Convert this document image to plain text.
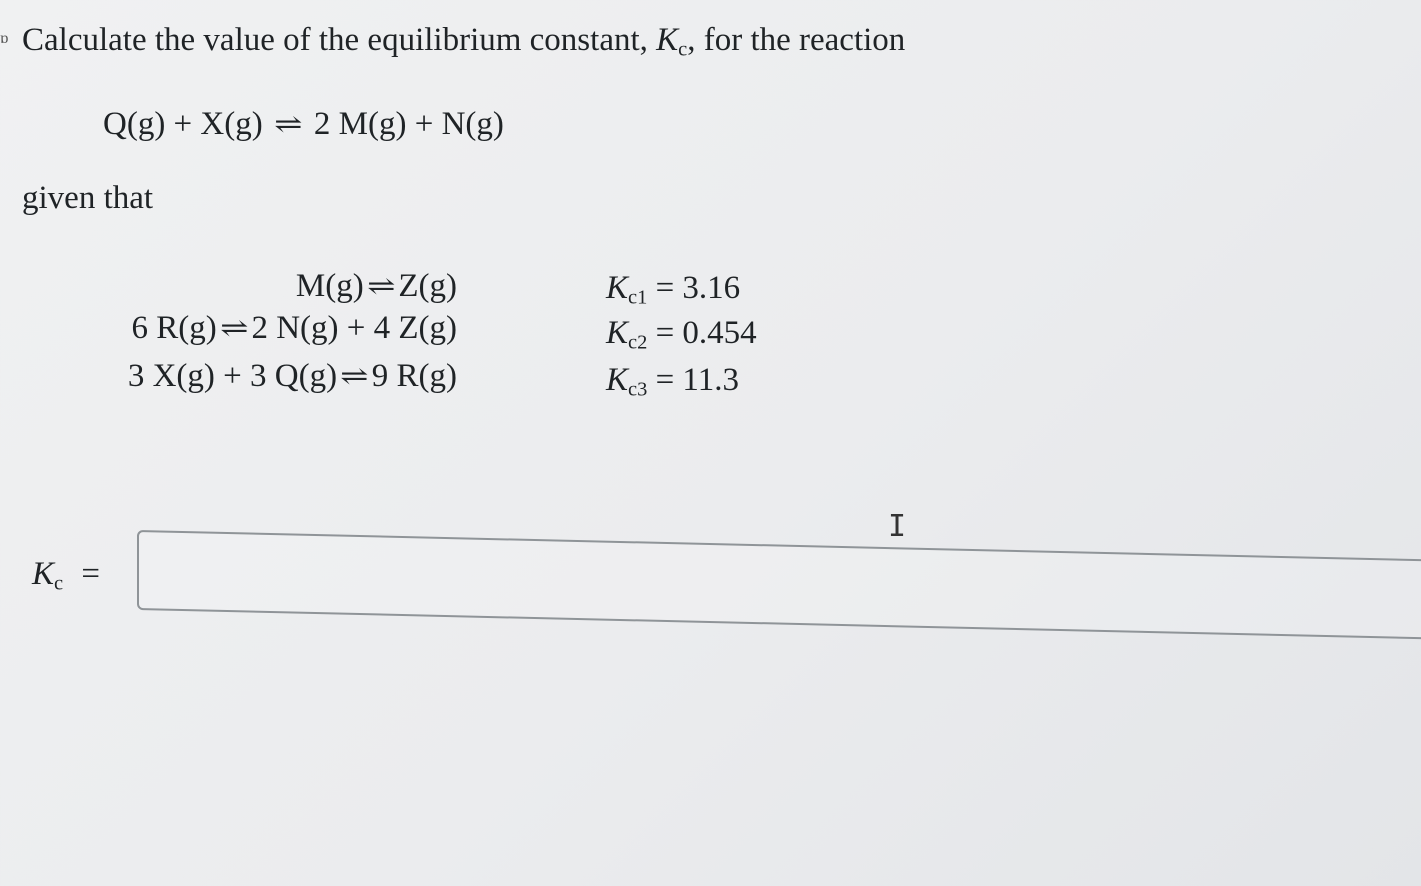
ɒ Calculate the value of the equilibrium constant, $K_c$, for the reaction
Q(g) + X(g) ⇌ 2 M(g) + N(g)
given that
M(g) ⇌Z(g)	$K_{c1} = 3.16$
6 R(g) ⇌2 N(g) + 4 Z(g)	$K_{c2} = 0.454$
3 X(g) + 3 Q(g) ⇌9 R(g)	$K_{c3} = 11.3$
$K_c$ =
I
